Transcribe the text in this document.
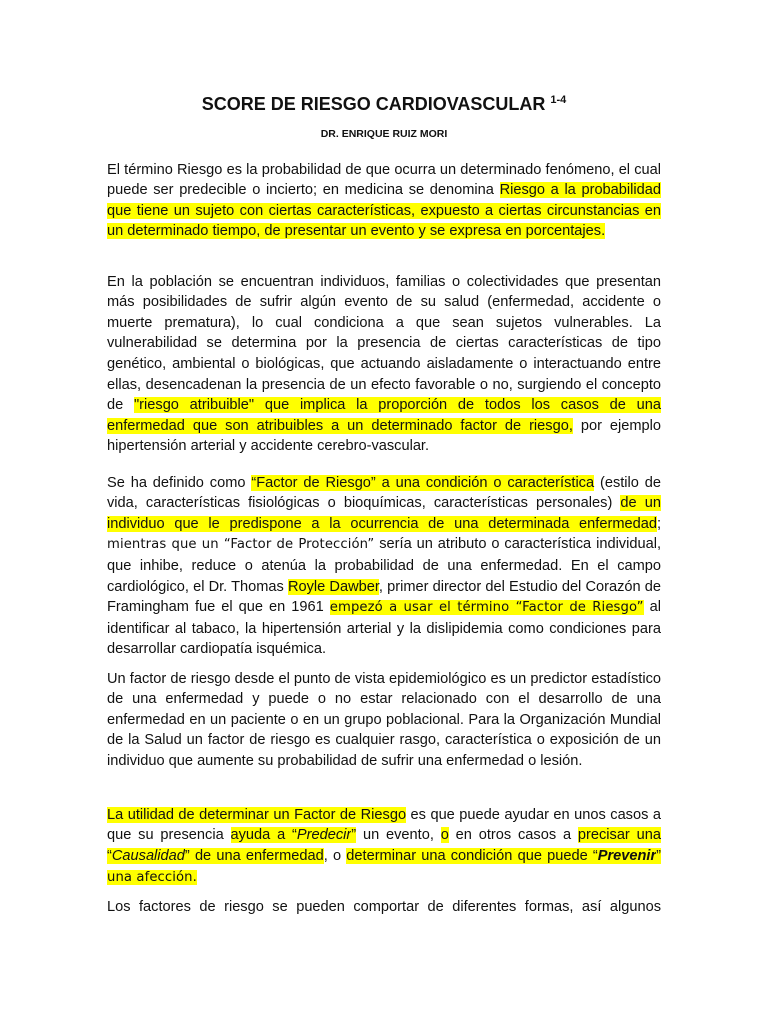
SCORE DE RIESGO CARDIOVASCULAR $^{1-4}$
DR. ENRIQUE RUIZ MORI

El término Riesgo es la probabilidad de que ocurra un determinado fenómeno, el cual puede ser predecible o incierto; en medicina se denomina Riesgo a la probabilidad que tiene un sujeto con ciertas características, expuesto a ciertas circunstancias en un determinado tiempo, de presentar un evento y se expresa en porcentajes.

En la población se encuentran individuos, familias o colectividades que presentan más posibilidades de sufrir algún evento de su salud (enfermedad, accidente o muerte prematura), lo cual condiciona a que sean sujetos vulnerables. La vulnerabilidad se determina por la presencia de ciertas características de tipo genético, ambiental o biológicas, que actuando aisladamente o interactuando entre ellas, desencadenan la presencia de un efecto favorable o no, surgiendo el concepto de "riesgo atribuible" que implica la proporción de todos los casos de una enfermedad que son atribuibles a un determinado factor de riesgo, por ejemplo hipertensión arterial y accidente cerebro-vascular.

Se ha definido como “Factor de Riesgo” a una condición o característica (estilo de vida, características fisiológicas o bioquímicas, características personales) de un individuo que le predispone a la ocurrencia de una determinada enfermedad; mientras que un “Factor de Protección” sería un atributo o característica individual, que inhibe, reduce o atenúa la probabilidad de una enfermedad. En el campo cardiológico, el Dr. Thomas Royle Dawber, primer director del Estudio del Corazón de Framingham fue el que en 1961 empezó a usar el término “Factor de Riesgo” al identificar al tabaco, la hipertensión arterial y la dislipidemia como condiciones para desarrollar cardiopatía isquémica.

Un factor de riesgo desde el punto de vista epidemiológico es un predictor estadístico de una enfermedad y puede o no estar relacionado con el desarrollo de una enfermedad en un paciente o en un grupo poblacional. Para la Organización Mundial de la Salud un factor de riesgo es cualquier rasgo, característica o exposición de un individuo que aumente su probabilidad de sufrir una enfermedad o lesión.

La utilidad de determinar un Factor de Riesgo es que puede ayudar en unos casos a que su presencia ayuda a “Predecir” un evento, o en otros casos a precisar una “Causalidad” de una enfermedad, o determinar una condición que puede “Prevenir” una afección.

Los factores de riesgo se pueden comportar de diferentes formas, así algunos
